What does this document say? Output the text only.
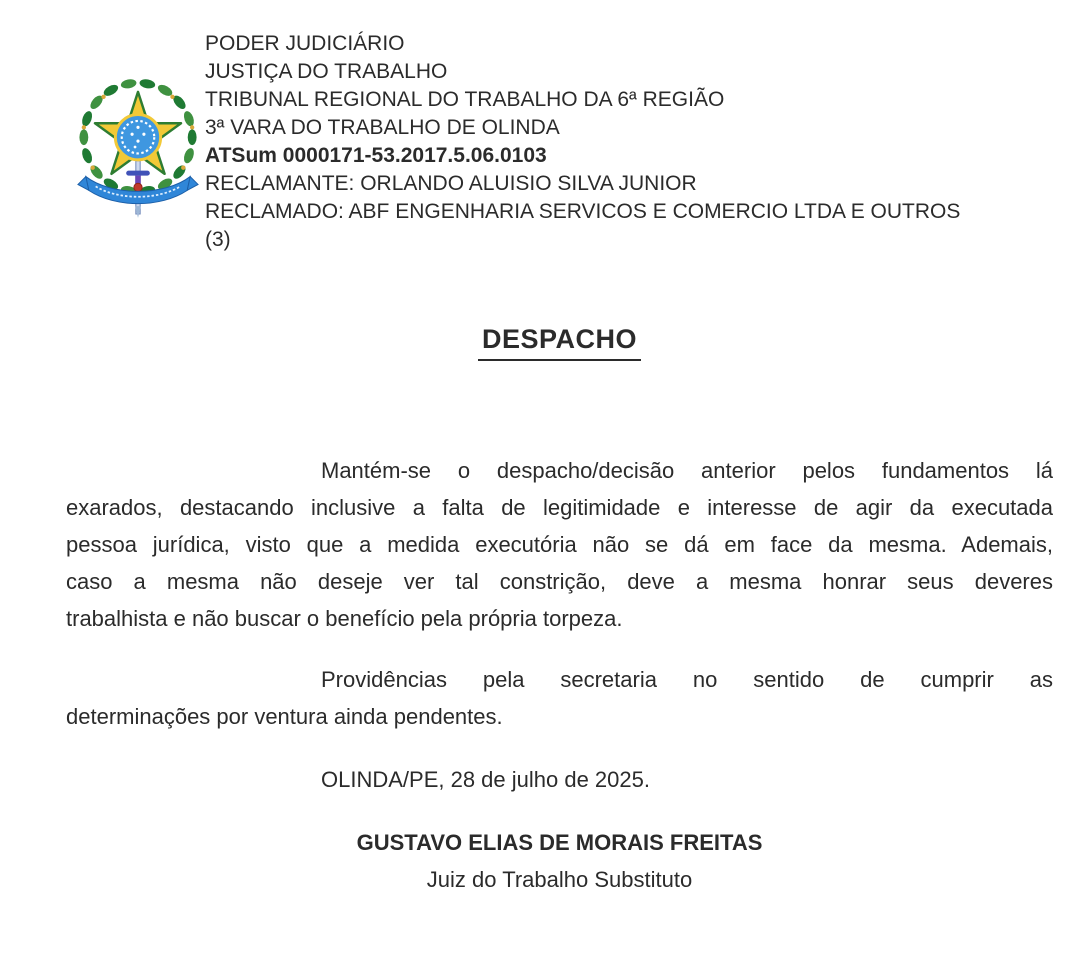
PODER JUDICIÁRIO
JUSTIÇA DO TRABALHO
TRIBUNAL REGIONAL DO TRABALHO DA 6ª REGIÃO
3ª VARA DO TRABALHO DE OLINDA
ATSum 0000171-53.2017.5.06.0103
RECLAMANTE: ORLANDO ALUISIO SILVA JUNIOR
RECLAMADO: ABF ENGENHARIA SERVICOS E COMERCIO LTDA E OUTROS
(3)
DESPACHO
Mantém-se o despacho/decisão anterior pelos fundamentos lá
exarados, destacando inclusive a falta de legitimidade e interesse de agir da executada
pessoa jurídica, visto que a medida executória não se dá em face da mesma. Ademais,
caso a mesma não deseje ver tal constrição, deve a mesma honrar seus deveres
trabalhista e não buscar o benefício pela própria torpeza.
Providências pela secretaria no sentido de cumprir as
determinações por ventura ainda pendentes.
OLINDA/PE, 28 de julho de 2025.
GUSTAVO ELIAS DE MORAIS FREITAS
Juiz do Trabalho Substituto
